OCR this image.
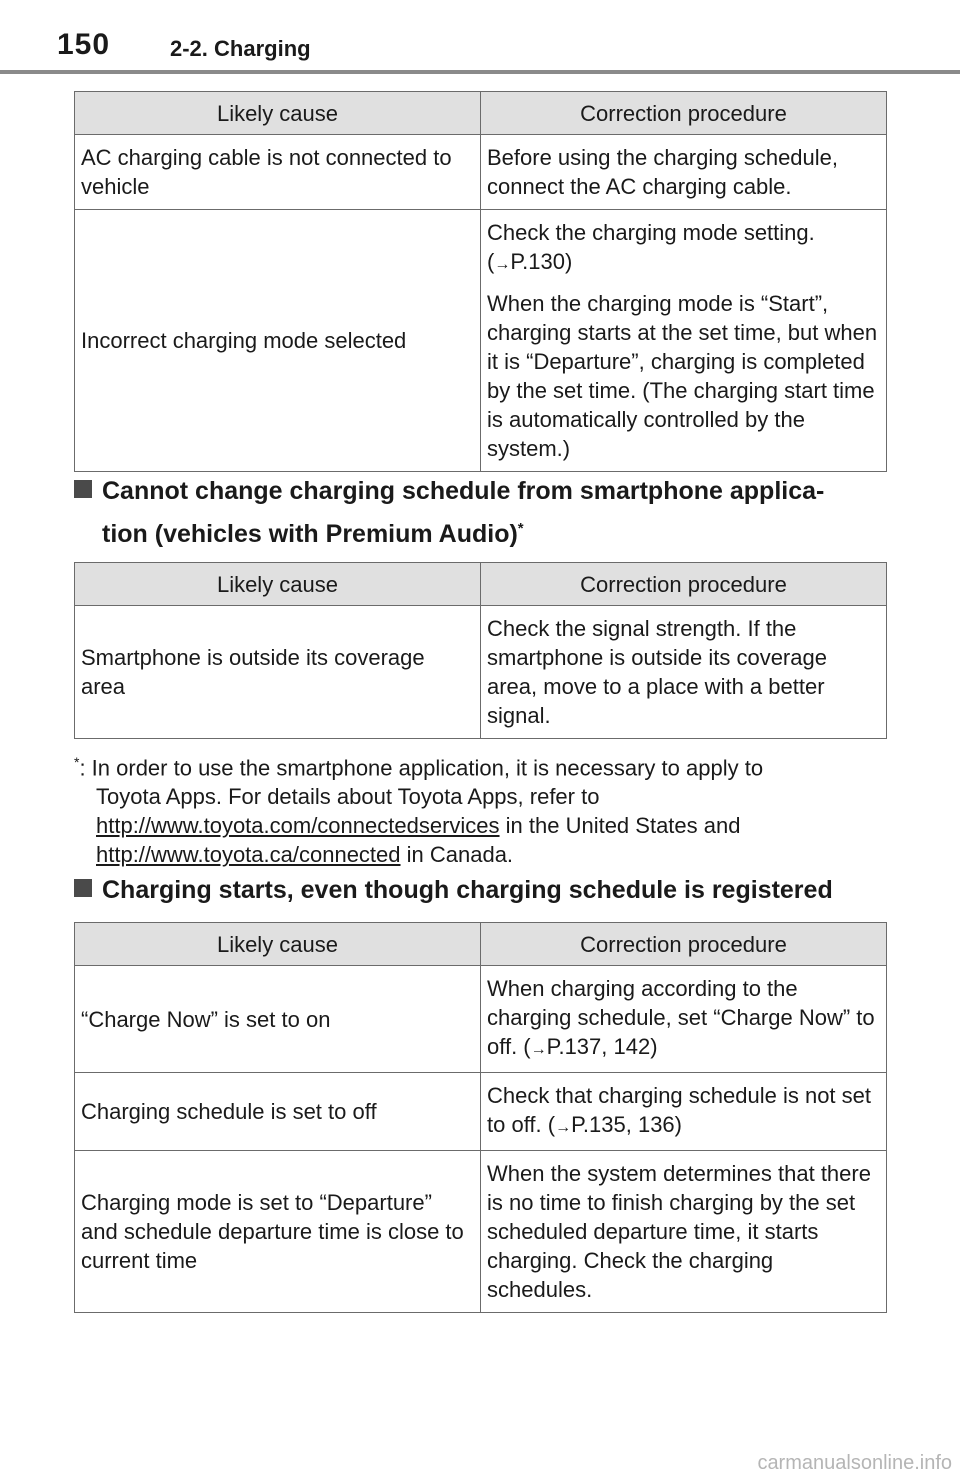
150	2-2. Charging
Likely cause	Correction procedure
AC charging cable is not connected to vehicle	Before using the charging schedule, connect the AC charging cable.
Incorrect charging mode selected	Check the charging mode setting.
(→P.130)

When the charging mode is “Start”, charging starts at the set time, but when it is “Departure”, charging is completed by the set time. (The charging start time is automatically controlled by the system.)

Cannot change charging schedule from smartphone applica-
tion (vehicles with Premium Audio)*
Likely cause	Correction procedure
Smartphone is outside its coverage area	Check the signal strength. If the smartphone is outside its coverage area, move to a place with a better signal.
*: In order to use the smartphone application, it is necessary to apply to
Toyota Apps. For details about Toyota Apps, refer to
http://www.toyota.com/connectedservices in the United States and
http://www.toyota.ca/connected in Canada.
Charging starts, even though charging schedule is registered
Likely cause	Correction procedure
“Charge Now” is set to on	When charging according to the charging schedule, set “Charge Now” to off. (→P.137, 142)
Charging schedule is set to off	Check that charging schedule is not set to off. (→P.135, 136)
Charging mode is set to “Departure” and schedule departure time is close to current time	When the system determines that there is no time to finish charging by the set scheduled departure time, it starts charging. Check the charging schedules.
carmanualsonline.info
